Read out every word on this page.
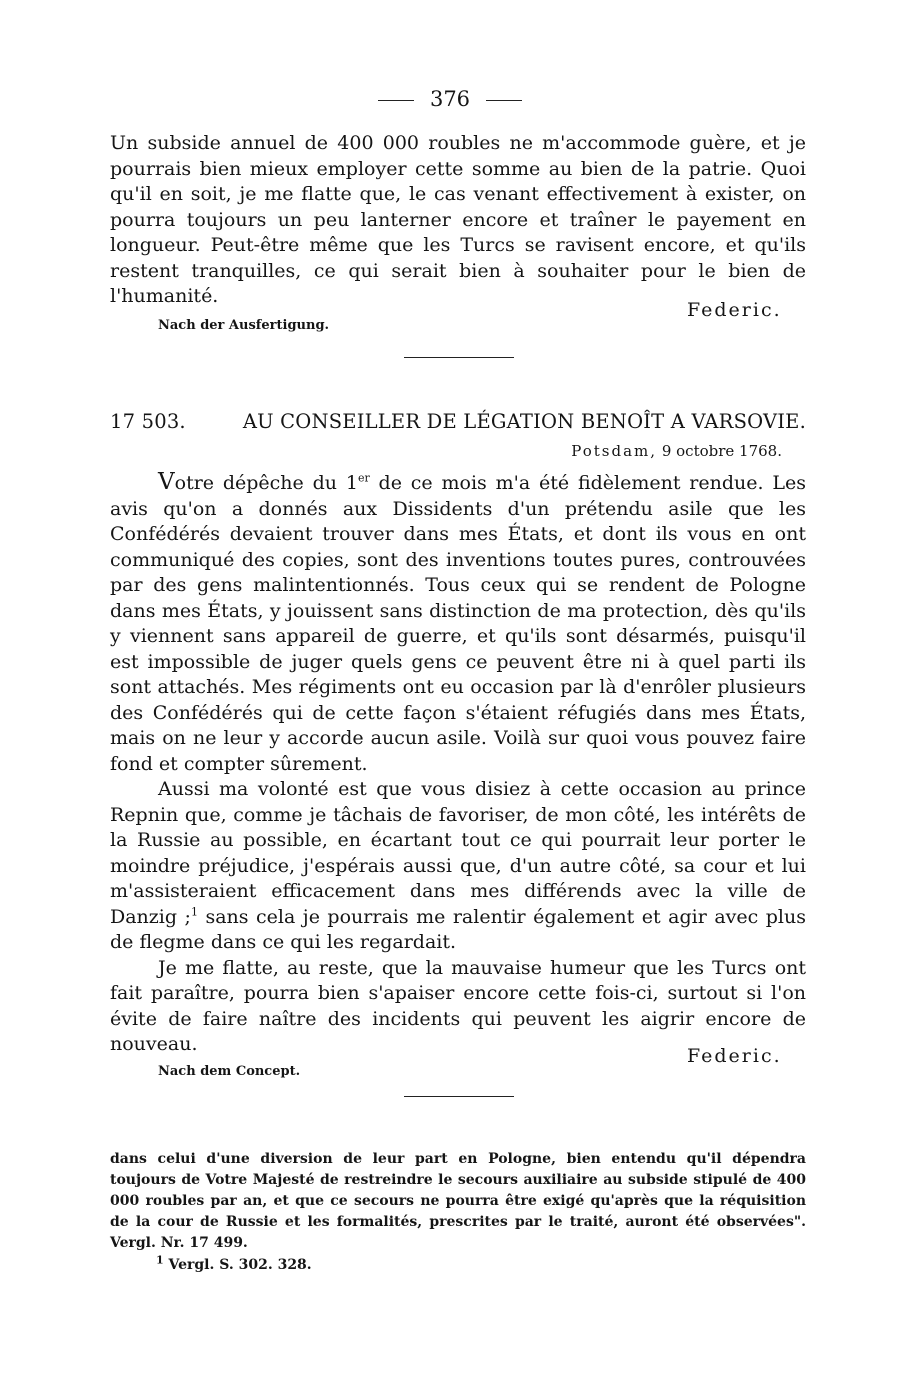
376

Un subside annuel de 400 000 roubles ne m'accommode guère, et je pourrais bien mieux employer cette somme au bien de la patrie. Quoi qu'il en soit, je me flatte que, le cas venant effectivement à exister, on pourra toujours un peu lanterner encore et traîner le payement en longueur. Peut-être même que les Turcs se ravisent encore, et qu'ils restent tranquilles, ce qui serait bien à souhaiter pour le bien de l'humanité.

Federic.
Nach der Ausfertigung.
17 503.	AU CONSEILLER DE LÉGATION BENOÎT A VARSOVIE.
Potsdam, 9 octobre 1768.

Votre dépêche du 1er de ce mois m'a été fidèlement rendue. Les avis qu'on a donnés aux Dissidents d'un prétendu asile que les Confédérés devaient trouver dans mes États, et dont ils vous en ont communiqué des copies, sont des inventions toutes pures, controuvées par des gens malintentionnés. Tous ceux qui se rendent de Pologne dans mes États, y jouissent sans distinction de ma protection, dès qu'ils y viennent sans appareil de guerre, et qu'ils sont désarmés, puisqu'il est impossible de juger quels gens ce peuvent être ni à quel parti ils sont attachés. Mes régiments ont eu occasion par là d'enrôler plusieurs des Confédérés qui de cette façon s'étaient réfugiés dans mes États, mais on ne leur y accorde aucun asile. Voilà sur quoi vous pouvez faire fond et compter sûrement.

Aussi ma volonté est que vous disiez à cette occasion au prince Repnin que, comme je tâchais de favoriser, de mon côté, les intérêts de la Russie au possible, en écartant tout ce qui pourrait leur porter le moindre préjudice, j'espérais aussi que, d'un autre côté, sa cour et lui m'assisteraient efficacement dans mes différends avec la ville de Danzig ;$^1$ sans cela je pourrais me ralentir également et agir avec plus de flegme dans ce qui les regardait.

Je me flatte, au reste, que la mauvaise humeur que les Turcs ont fait paraître, pourra bien s'apaiser encore cette fois-ci, surtout si l'on évite de faire naître des incidents qui peuvent les aigrir encore de nouveau.

Federic.
Nach dem Concept.

dans celui d'une diversion de leur part en Pologne, bien entendu qu'il dépendra toujours de Votre Majesté de restreindre le secours auxiliaire au subside stipulé de 400 000 roubles par an, et que ce secours ne pourra être exigé qu'après que la réquisition de la cour de Russie et les formalités, prescrites par le traité, auront été observées". Vergl. Nr. 17 499.

$^1$ Vergl. S. 302. 328.
